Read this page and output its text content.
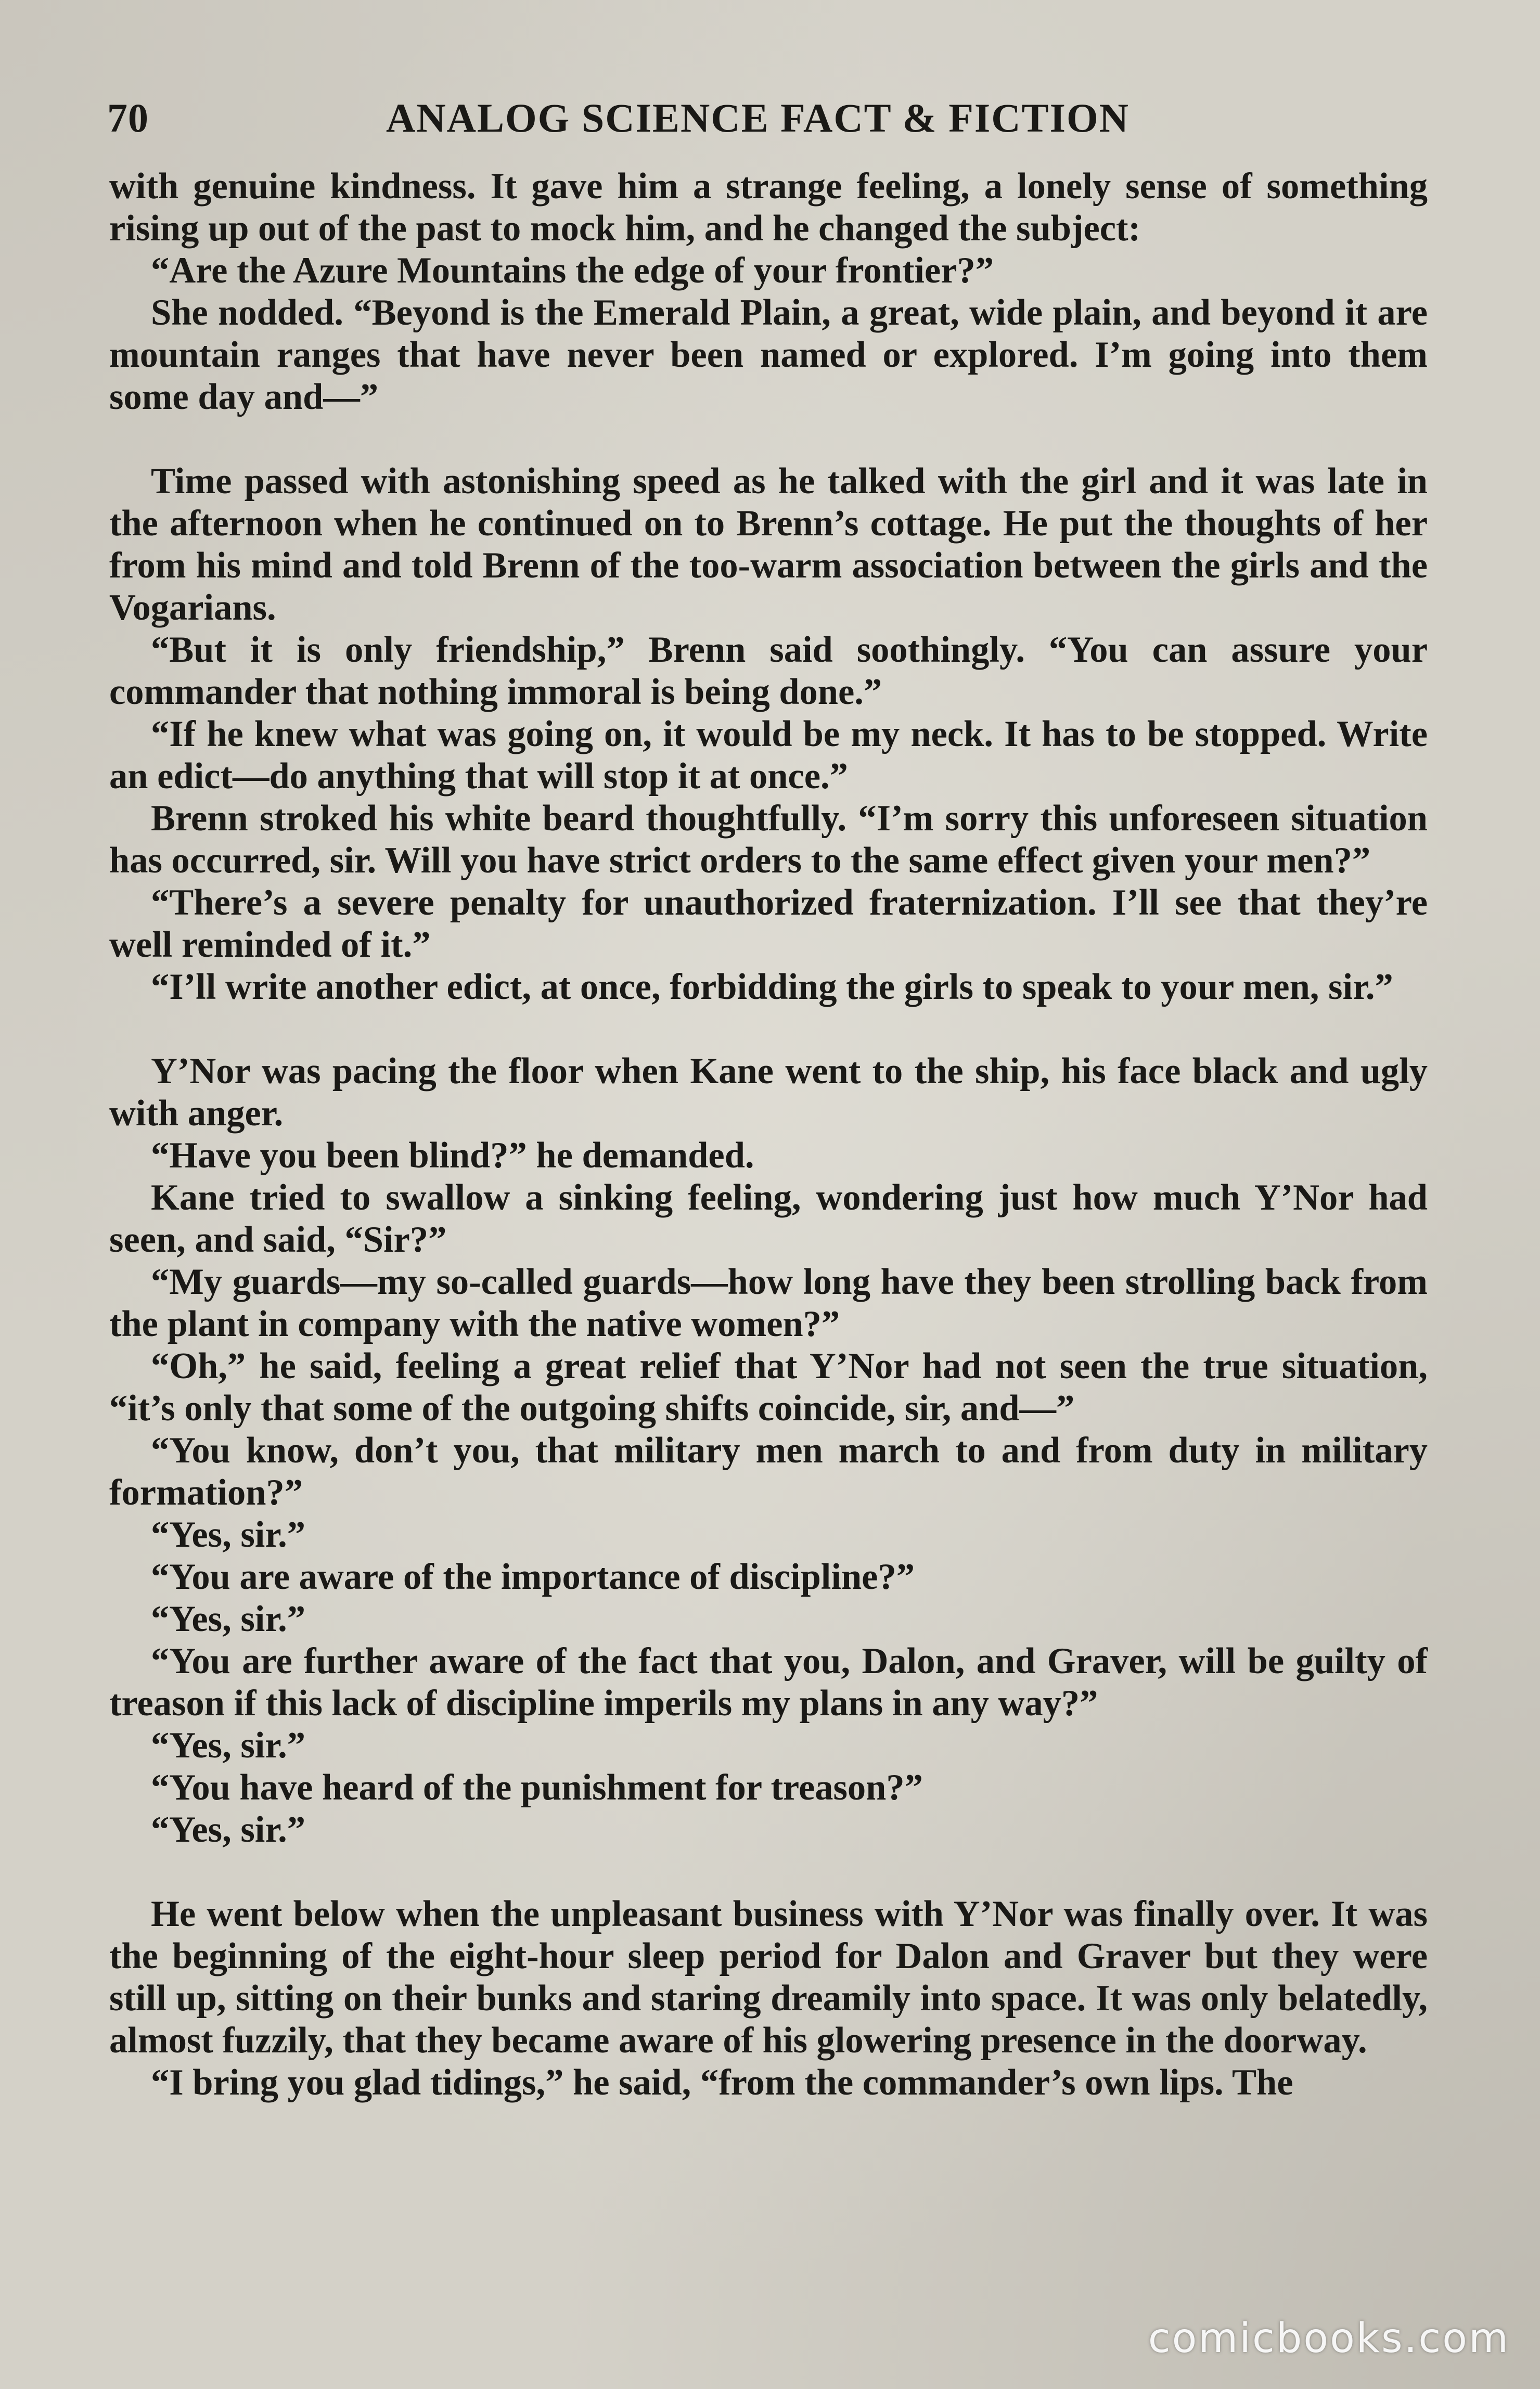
70	ANALOG SCIENCE FACT & FICTION

with genuine kindness. It gave him a strange feeling, a lonely sense of something rising up out of the past to mock him, and he changed the subject:

“Are the Azure Mountains the edge of your frontier?”

She nodded. “Beyond is the Emerald Plain, a great, wide plain, and beyond it are mountain ranges that have never been named or explored. I’m going into them some day and—”

Time passed with astonishing speed as he talked with the girl and it was late in the afternoon when he continued on to Brenn’s cottage. He put the thoughts of her from his mind and told Brenn of the too-warm association between the girls and the Vogarians.

“But it is only friendship,” Brenn said soothingly. “You can assure your commander that nothing immoral is being done.”

“If he knew what was going on, it would be my neck. It has to be stopped. Write an edict—do anything that will stop it at once.”

Brenn stroked his white beard thoughtfully. “I’m sorry this unforeseen situation has occurred, sir. Will you have strict orders to the same effect given your men?”

“There’s a severe penalty for unauthorized fraternization. I’ll see that they’re well reminded of it.”

“I’ll write another edict, at once, forbidding the girls to speak to your men, sir.”

Y’Nor was pacing the floor when Kane went to the ship, his face black and ugly with anger.

“Have you been blind?” he demanded.

Kane tried to swallow a sinking feeling, wondering just how much Y’Nor had seen, and said, “Sir?”

“My guards—my so-called guards—how long have they been strolling back from the plant in company with the native women?”

“Oh,” he said, feeling a great relief that Y’Nor had not seen the true situation, “it’s only that some of the outgoing shifts coincide, sir, and—”

“You know, don’t you, that military men march to and from duty in military formation?”

“Yes, sir.”

“You are aware of the importance of discipline?”

“Yes, sir.”

“You are further aware of the fact that you, Dalon, and Graver, will be guilty of treason if this lack of discipline imperils my plans in any way?”

“Yes, sir.”

“You have heard of the punishment for treason?”

“Yes, sir.”

He went below when the unpleasant business with Y’Nor was finally over. It was the beginning of the eight-hour sleep period for Dalon and Graver but they were still up, sitting on their bunks and staring dreamily into space. It was only belatedly, almost fuzzily, that they became aware of his glowering presence in the doorway.

“I bring you glad tidings,” he said, “from the commander’s own lips. The

comicbooks.com
